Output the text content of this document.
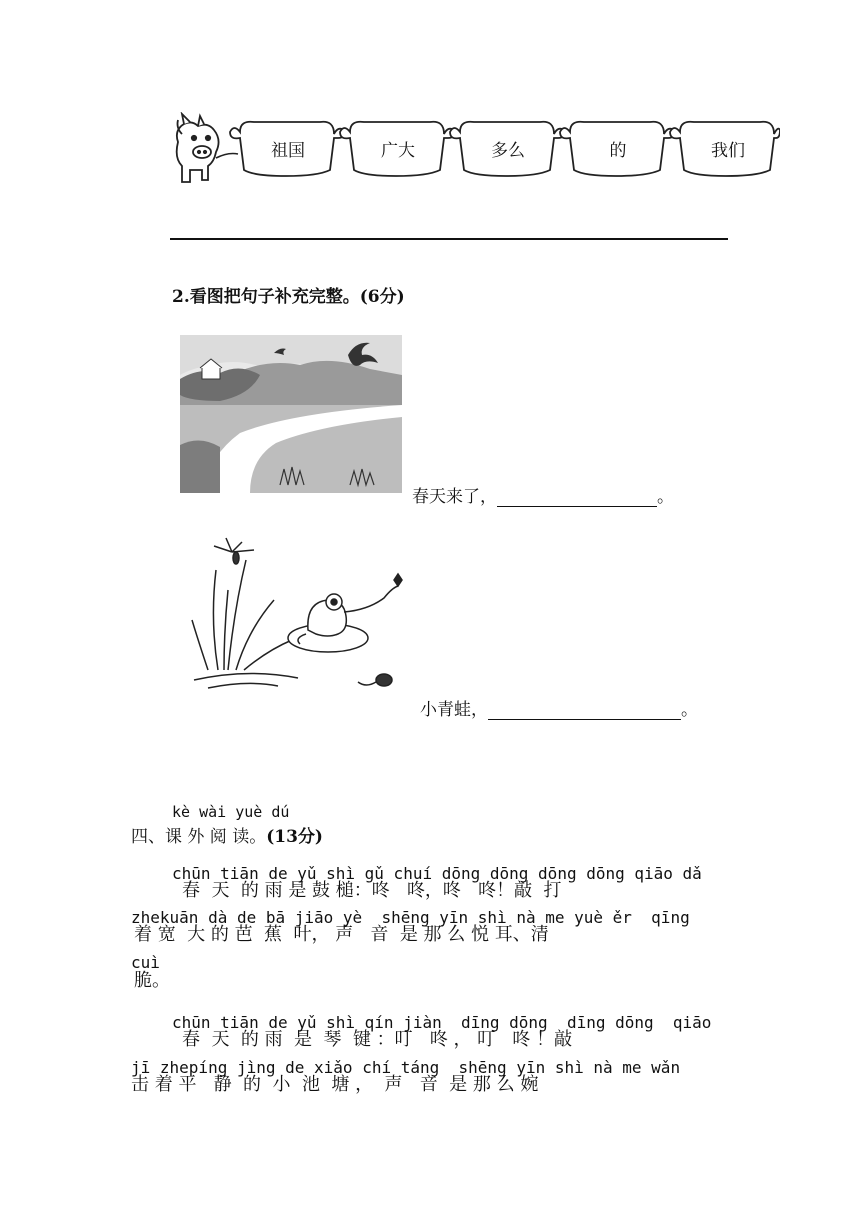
祖国	广大	多么	的	我们
2.看图把句子补充完整。(6分)
春天来了，	。
小青蛙，	。
kè wài yuè dú
四、课 外 阅 读。(13分)
chūn tiān de yǔ shì gǔ chuí dōng dōng dōng dōng qiāo dǎ
春  天  的 雨 是 鼓 槌：咚   咚，咚   咚！敲  打
zhekuān dà de bā jiāo yè  shēng yīn shì nà me yuè ěr  qīng
着 宽  大 的 芭  蕉  叶， 声   音  是 那 么 悦 耳、清
cuì
脆。
chūn tiān de yǔ shì qín jiàn  dīng dōng  dīng dōng  qiāo
春  天  的 雨  是  琴  键 ：叮   咚 ， 叮   咚 ！敲
jī zhepíng jìng de xiǎo chí táng  shēng yīn shì nà me wǎn
击 着 平   静  的  小  池  塘 ，  声   音  是 那 么 婉
